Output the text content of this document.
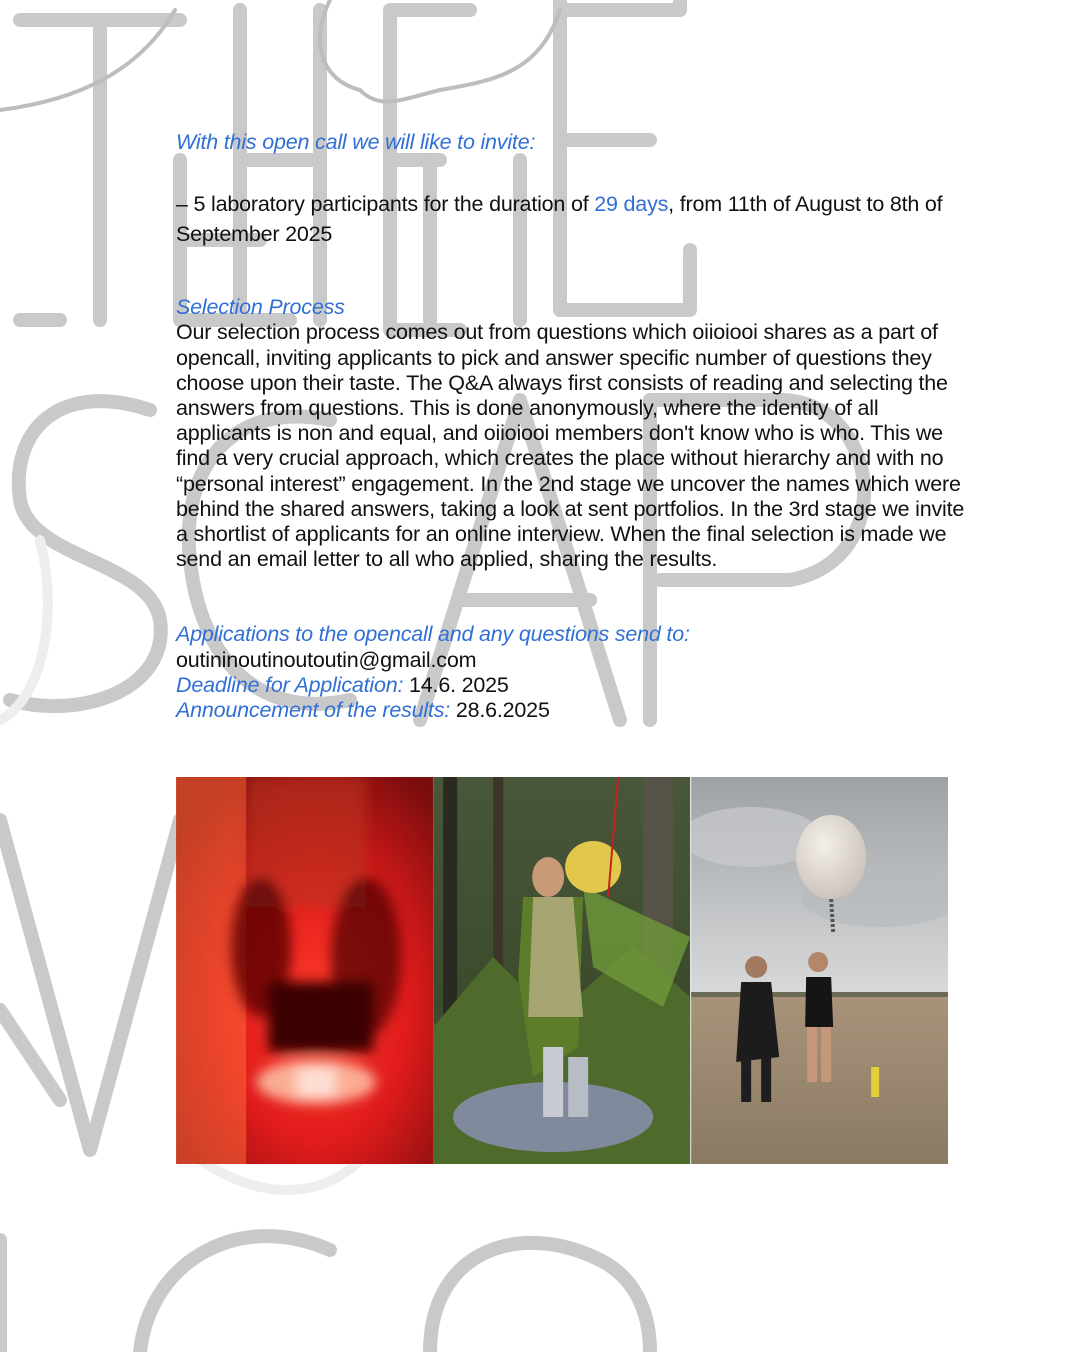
With this open call we will like to invite:

– 5 laboratory participants for the duration of 29 days, from 11th of August to 8th of September 2025

Selection Process

Our selection process comes out from questions which oiioiooi shares as a part of opencall, inviting applicants to pick and answer specific number of questions they choose upon their taste. The Q&A always first consists of reading and selecting the answers from questions. This is done anonymously, where the identity of all applicants is non and equal, and oiioiooi members don't know who is who. This we find a very crucial approach, which creates the place without hierarchy and with no “personal interest” engagement. In the 2nd stage we uncover the names which were behind the shared answers, taking a look at sent portfolios. In the 3rd stage we invite a shortlist of applicants for an online interview. When the final selection is made we send an email letter to all who applied, sharing the results.

Applications to the opencall and any questions send to:

outininoutinoutoutin@gmail.com

Deadline for Application: 14.6. 2025

Announcement of the results: 28.6.2025
